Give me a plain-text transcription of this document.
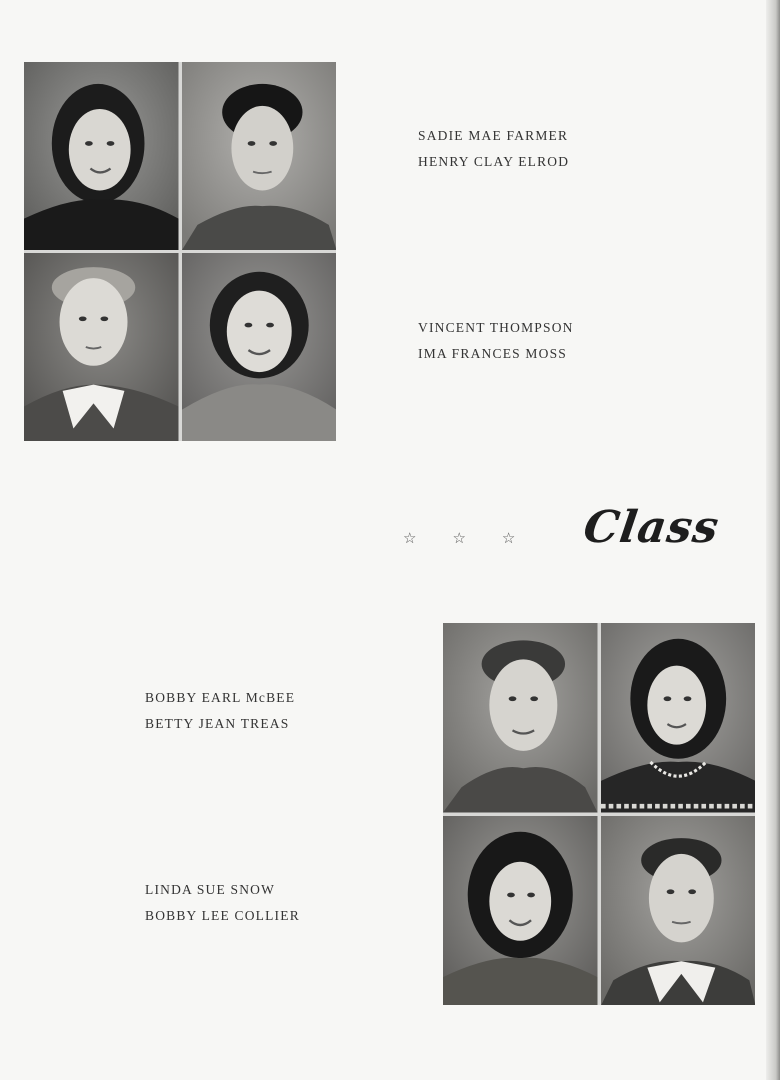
SADIE MAE FARMER
HENRY CLAY ELROD
VINCENT THOMPSON
IMA FRANCES MOSS
☆ ☆ ☆ Class
BOBBY EARL McBEE
BETTY JEAN TREAS
LINDA SUE SNOW
BOBBY LEE COLLIER
